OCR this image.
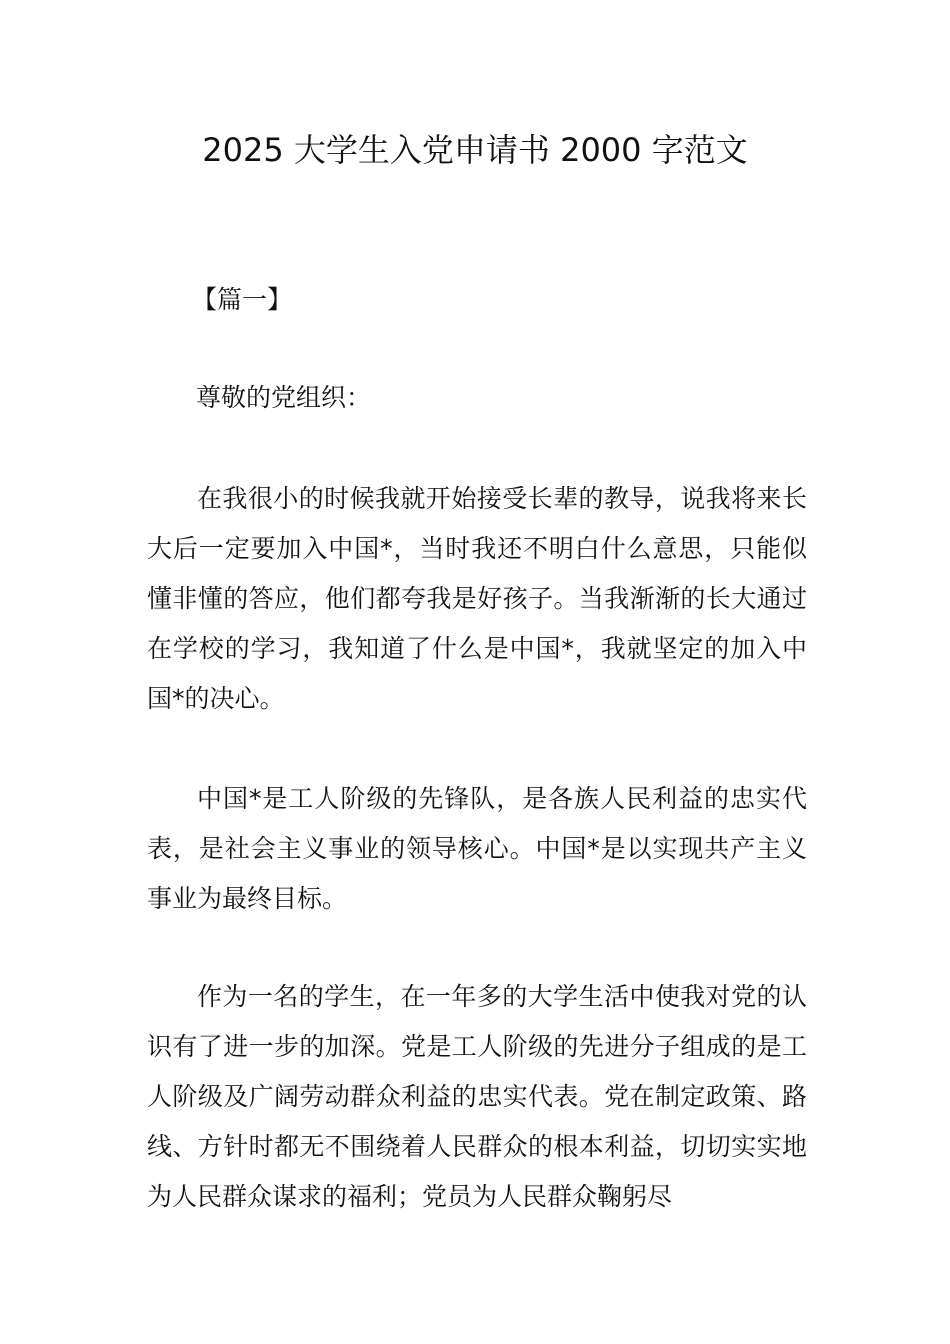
2025 大学生入党申请书 2000 字范文

【篇一】

尊敬的党组织：

在我很小的时候我就开始接受长辈的教导，说我将来长大后一定要加入中国*，当时我还不明白什么意思，只能似懂非懂的答应，他们都夸我是好孩子。当我渐渐的长大通过在学校的学习，我知道了什么是中国*，我就坚定的加入中国*的决心。

中国*是工人阶级的先锋队，是各族人民利益的忠实代表，是社会主义事业的领导核心。中国*是以实现共产主义事业为最终目标。

作为一名的学生，在一年多的大学生活中使我对党的认识有了进一步的加深。党是工人阶级的先进分子组成的是工人阶级及广阔劳动群众利益的忠实代表。党在制定政策、路线、方针时都无不围绕着人民群众的根本利益，切切实实地为人民群众谋求的福利；党员为人民群众鞠躬尽
